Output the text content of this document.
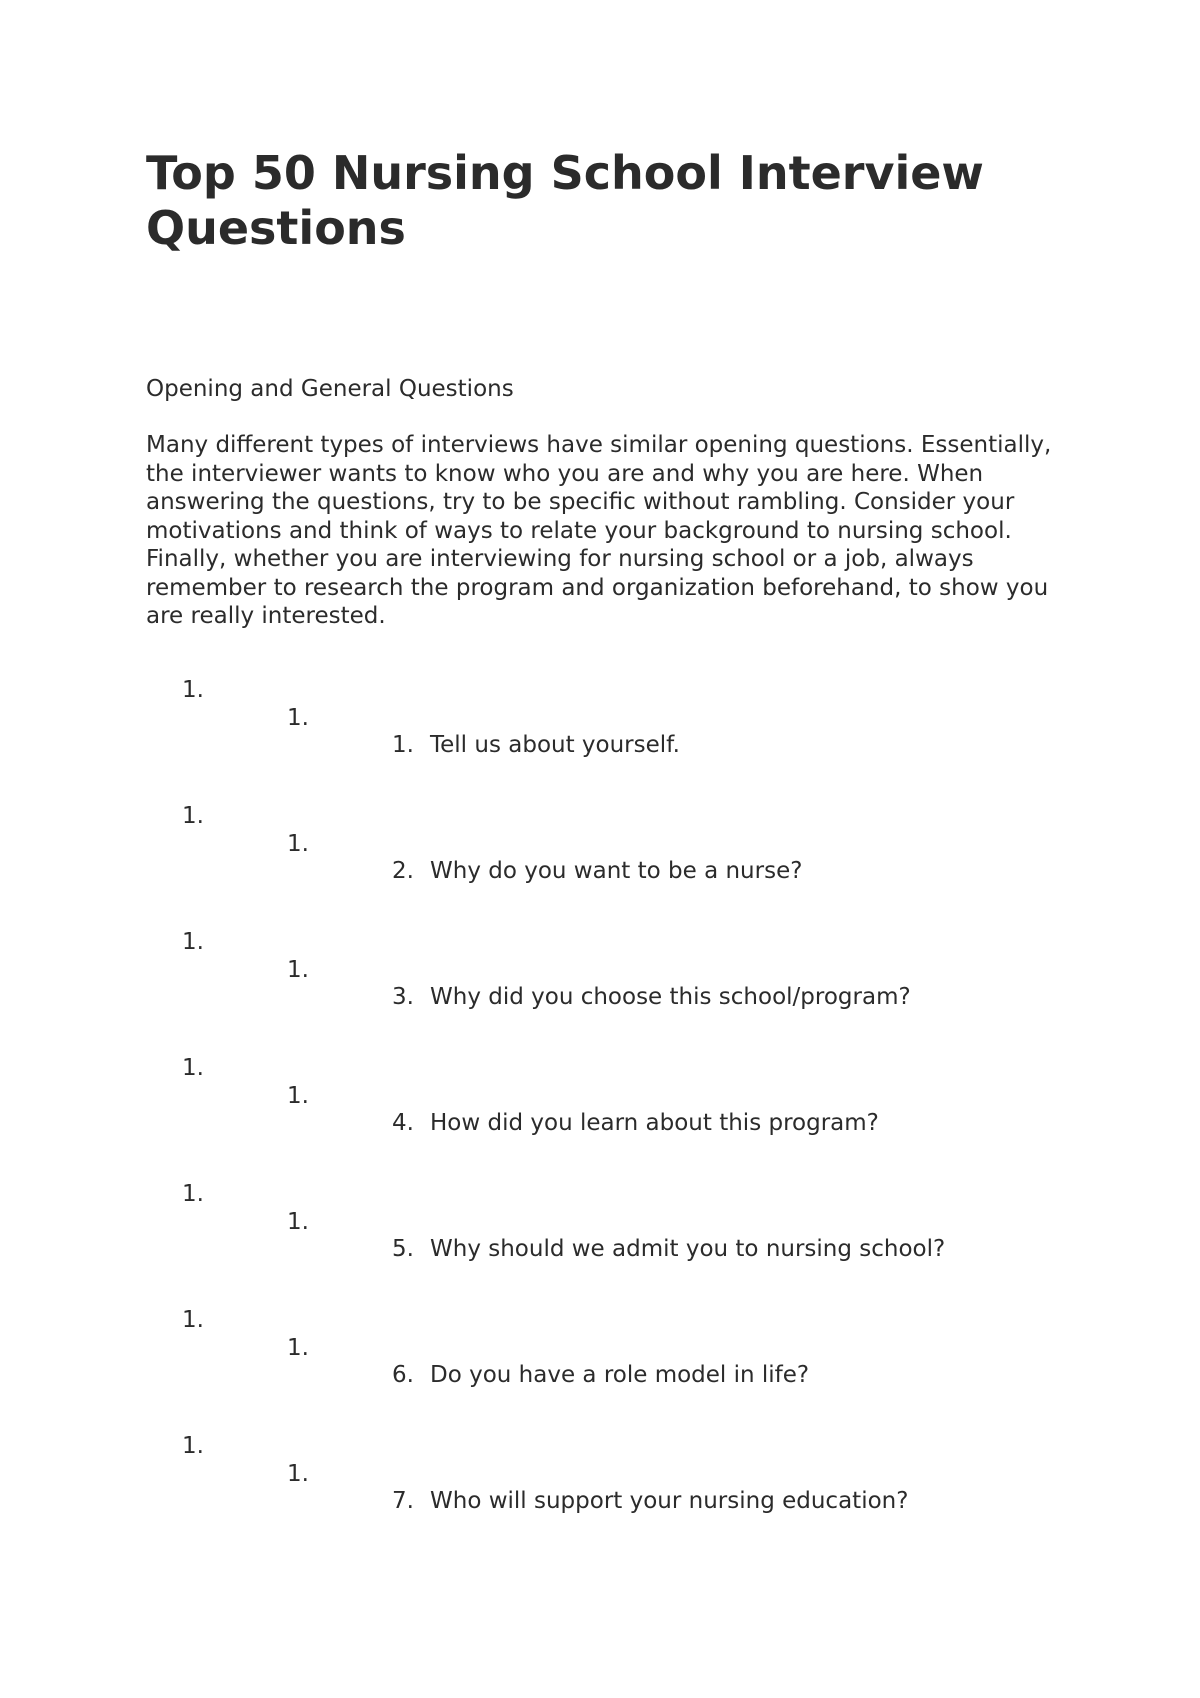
Top 50 Nursing School Interview Questions
Opening and General Questions

Many different types of interviews have similar opening questions. Essentially, the interviewer wants to know who you are and why you are here. When answering the questions, try to be specific without rambling. Consider your motivations and think of ways to relate your background to nursing school. Finally, whether you are interviewing for nursing school or a job, always remember to research the program and organization beforehand, to show you are really interested.

1.
1.
1. Tell us about yourself.
1.
1.
2. Why do you want to be a nurse?
1.
1.
3. Why did you choose this school/program?
1.
1.
4. How did you learn about this program?
1.
1.
5. Why should we admit you to nursing school?
1.
1.
6. Do you have a role model in life?
1.
1.
7. Who will support your nursing education?
